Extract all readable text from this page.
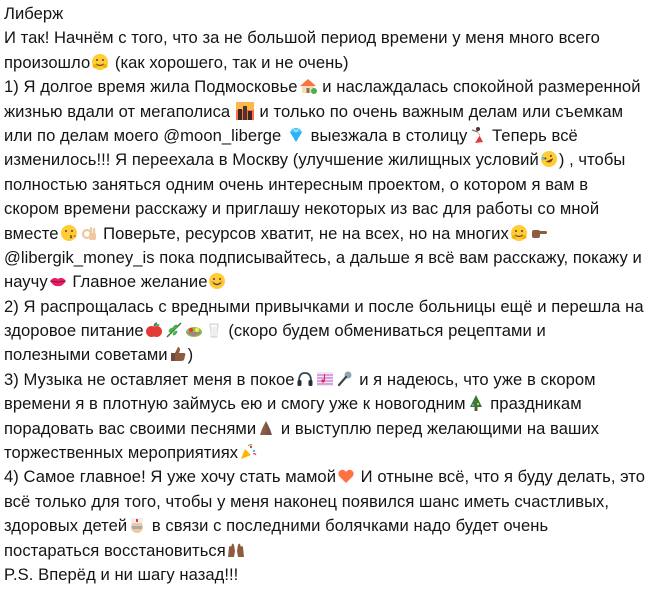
Либерж
И так! Начнём с того, что за не большой период времени у меня много всего
произошло
(как хорошего, так и не очень)
1) Я долгое время жила Подмосковье
и наслаждалась спокойной размеренной
жизнью вдали от мегаполиса
и только по очень важным делам или съемкам
или по делам моего @moon_liberge
выезжала в столицу
Теперь всё
изменилось!!! Я переехала в Москву (улучшение жилищных условий ) , чтобы
полностью заняться одним очень интересным проектом, о котором я вам в
скором времени расскажу и приглашу некоторых из вас для работы со мной
вместе
Поверьте, ресурсов хватит, не на всех, но на многих
@libergik_money_is пока подписывайтесь, а дальше я всё вам расскажу, покажу и
научу
Главное желание
2) Я распрощалась с вредными привычками и после больницы ещё и перешла на
здоровое питание	(скоро будем обмениваться рецептами и
полезными советами )
3) Музыка не оставляет меня в покое	и я надеюсь, что уже в скором
времени я в плотную займусь ею и смогу уже к новогодним
праздникам
порадовать вас своими песнями
и выступлю перед желающими на ваших
торжественных мероприятиях
4) Самое главное! Я уже хочу стать мамой
И отныне всё, что я буду делать, это
всё только для того, чтобы у меня наконец появился шанс иметь счастливых,
здоровых детей
в связи с последними болячками надо будет очень
постараться восстановиться
P.S. Вперёд и ни шагу назад!!!
